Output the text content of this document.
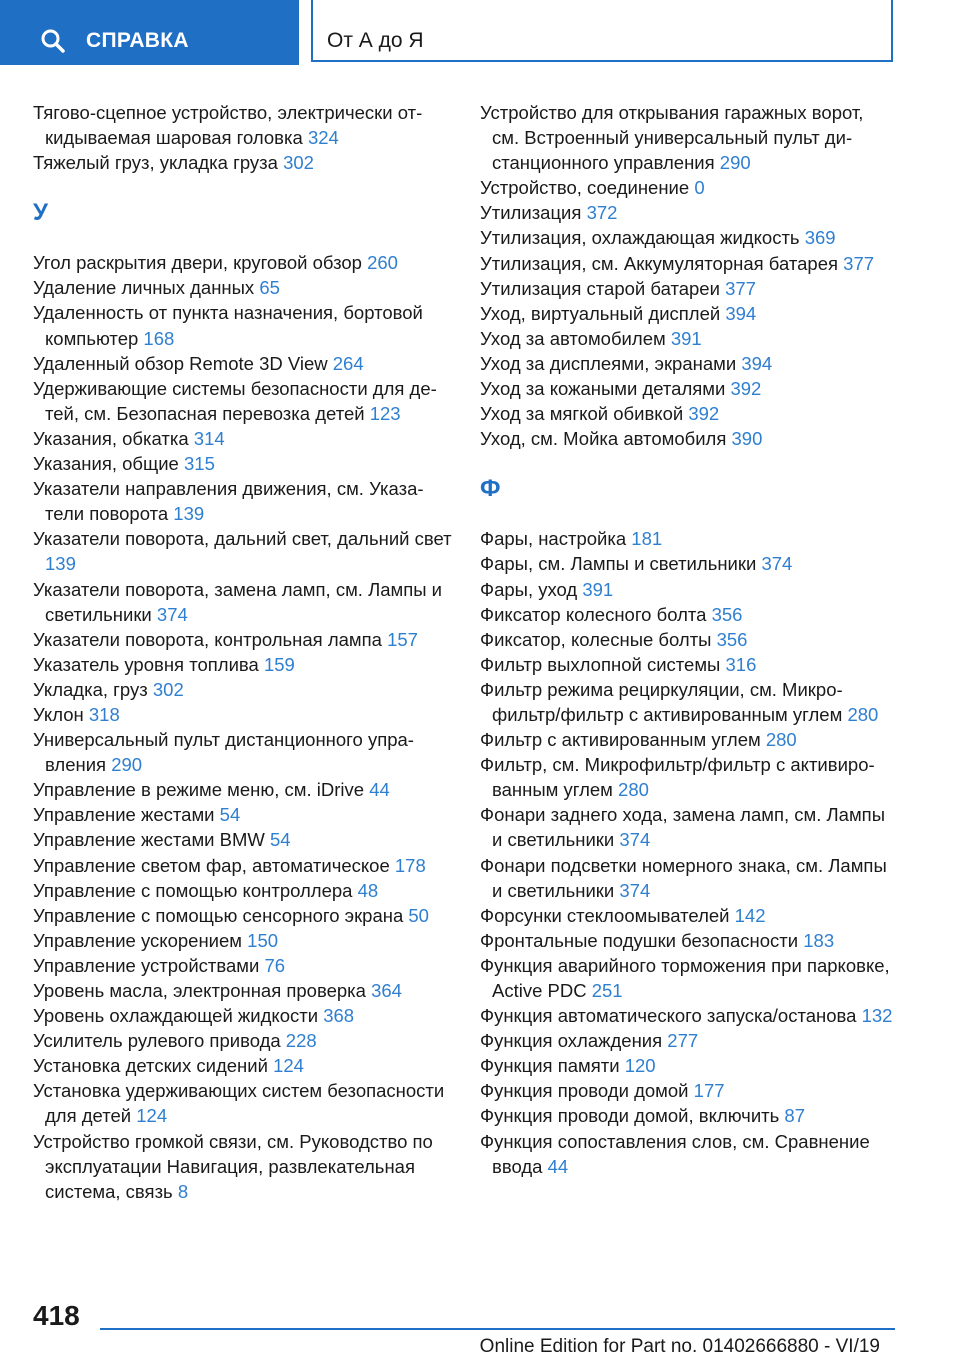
СПРАВКА	От А до Я
Тягово-сцепное устройство, электрически откидываемая шаровая головка 324
Тяжелый груз, укладка груза 302
У
Угол раскрытия двери, круговой обзор 260
Удаление личных данных 65
Удаленность от пункта назначения, бортовой компьютер 168
Удаленный обзор Remote 3D View 264
Удерживающие системы безопасности для детей, см. Безопасная перевозка детей 123
Указания, обкатка 314
Указания, общие 315
Указатели направления движения, см. Указатели поворота 139
Указатели поворота, дальний свет, дальний свет 139
Указатели поворота, замена ламп, см. Лампы и светильники 374
Указатели поворота, контрольная лампа 157
Указатель уровня топлива 159
Укладка, груз 302
Уклон 318
Универсальный пульт дистанционного управления 290
Управление в режиме меню, см. iDrive 44
Управление жестами 54
Управление жестами BMW 54
Управление светом фар, автоматическое 178
Управление с помощью контроллера 48
Управление с помощью сенсорного экрана 50
Управление ускорением 150
Управление устройствами 76
Уровень масла, электронная проверка 364
Уровень охлаждающей жидкости 368
Усилитель рулевого привода 228
Установка детских сидений 124
Установка удерживающих систем безопасности для детей 124
Устройство громкой связи, см. Руководство по эксплуатации Навигация, развлекательная система, связь 8
Устройство для открывания гаражных ворот, см. Встроенный универсальный пульт дистанционного управления 290
Устройство, соединение 0
Утилизация 372
Утилизация, охлаждающая жидкость 369
Утилизация, см. Аккумуляторная батарея 377
Утилизация старой батареи 377
Уход, виртуальный дисплей 394
Уход за автомобилем 391
Уход за дисплеями, экранами 394
Уход за кожаными деталями 392
Уход за мягкой обивкой 392
Уход, см. Мойка автомобиля 390
Ф
Фары, настройка 181
Фары, см. Лампы и светильники 374
Фары, уход 391
Фиксатор колесного болта 356
Фиксатор, колесные болты 356
Фильтр выхлопной системы 316
Фильтр режима рециркуляции, см. Микрофильтр/фильтр с активированным углем 280
Фильтр с активированным углем 280
Фильтр, см. Микрофильтр/фильтр с активированным углем 280
Фонари заднего хода, замена ламп, см. Лампы и светильники 374
Фонари подсветки номерного знака, см. Лампы и светильники 374
Форсунки стеклоомывателей 142
Фронтальные подушки безопасности 183
Функция аварийного торможения при парковке, Active PDC 251
Функция автоматического запуска/останова 132
Функция охлаждения 277
Функция памяти 120
Функция проводи домой 177
Функция проводи домой, включить 87
Функция сопоставления слов, см. Сравнение ввода 44
418
Online Edition for Part no. 01402666880 - VI/19
